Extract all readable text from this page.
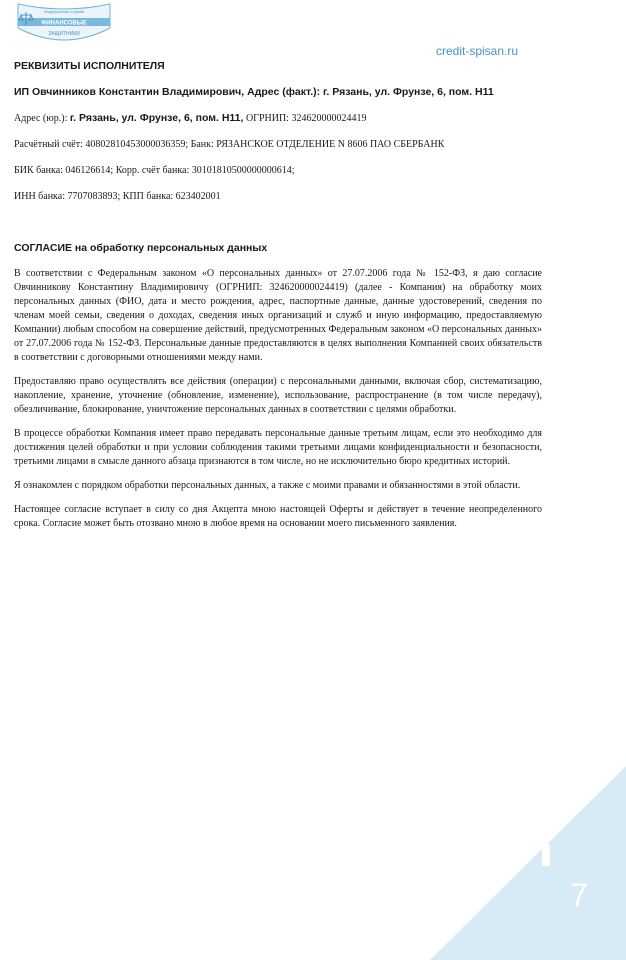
Федеральная служба
ФИНАНСОВЫЕ
ЗАЩИТНИКИ
credit-spisan.ru
РЕКВИЗИТЫ ИСПОЛНИТЕЛЯ
ИП Овчинников Константин Владимирович, Адрес (факт.): г. Рязань, ул. Фрунзе, 6, пом. Н11
Адрес (юр.): г. Рязань, ул. Фрунзе, 6, пом. Н11, ОГРНИП: 324620000024419
Расчётный счёт: 40802810453000036359; Банк: РЯЗАНСКОЕ ОТДЕЛЕНИЕ N 8606 ПАО СБЕРБАНК
БИК банка: 046126614; Корр. счёт банка: 30101810500000000614;
ИНН банка: 7707083893; КПП банка: 623402001
СОГЛАСИЕ на обработку персональных данных

В соответствии с Федеральным законом «О персональных данных» от 27.07.2006 года № 152-ФЗ, я даю согласие Овчинникову Константину Владимировичу (ОГРНИП: 324620000024419) (далее - Компания) на обработку моих персональных данных (ФИО, дата и место рождения, адрес, паспортные данные, данные удостоверений, сведения по членам моей семьи, сведения о доходах, сведения иных организаций и служб и иную информацию, предоставляемую Компании) любым способом на совершение действий, предусмотренных Федеральным законом «О персональных данных» от 27.07.2006 года № 152-ФЗ. Персональные данные предоставляются в целях выполнения Компанией своих обязательств в соответствии с договорными отношениями между нами.

Предоставляю право осуществлять все действия (операции) с персональными данными, включая сбор, систематизацию, накопление, хранение, уточнение (обновление, изменение), использование, распространение (в том числе передачу), обезличивание, блокирование, уничтожение персональных данных в соответствии с целями обработки.

В процессе обработки Компания имеет право передавать персональные данные третьим лицам, если это необходимо для достижения целей обработки и при условии соблюдения такими третьими лицами конфиденциальности и безопасности, третьими лицами в смысле данного абзаца признаются в том числе, но не исключительно бюро кредитных историй.

Я ознакомлен с порядком обработки персональных данных, а также с моими правами и обязанностями в этой области.

Настоящее согласие вступает в силу со дня Акцепта мною настоящей Оферты и действует в течение неопределенного срока. Согласие может быть отозвано мною в любое время на основании моего письменного заявления.

7
